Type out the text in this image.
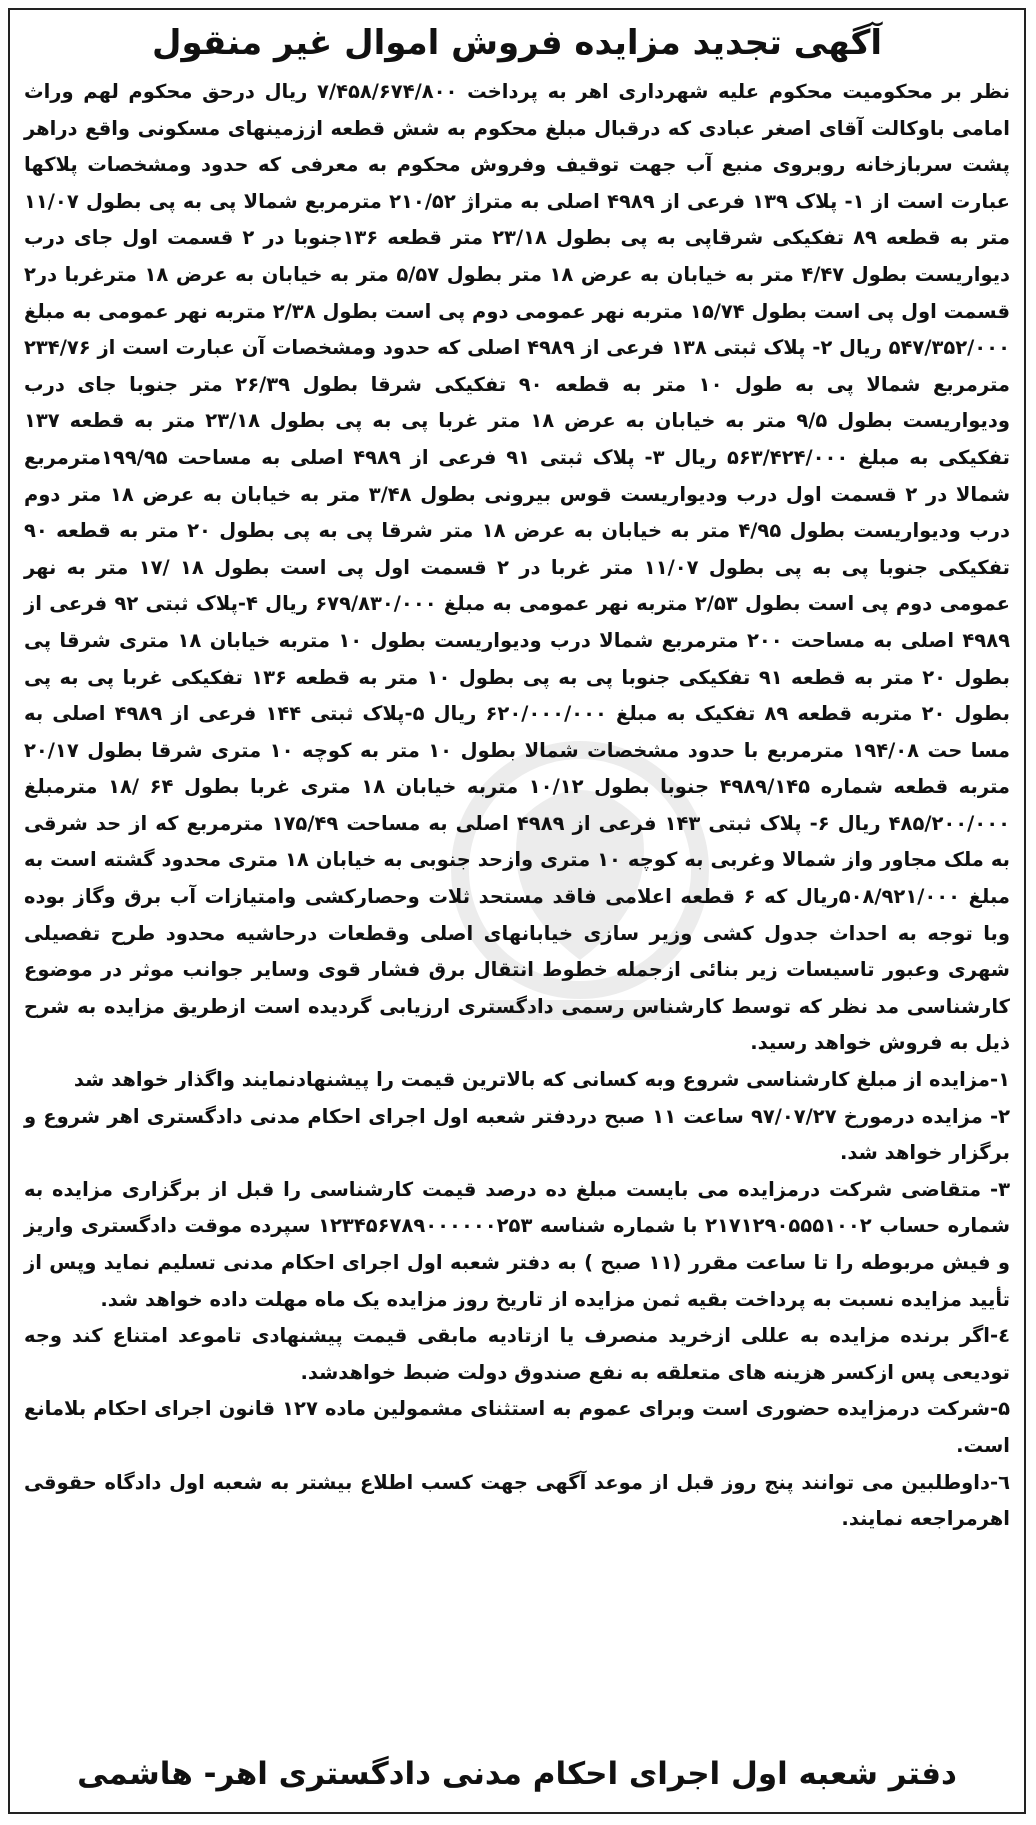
آگهی تجدید مزایده فروش اموال غیر منقول

نظر بر محکومیت محکوم علیه شهرداری اهر به پرداخت ۷/۴۵۸/۶۷۴/۸۰۰ ریال درحق محکوم لهم وراث امامی باوکالت آقای اصغر عبادی که درقبال مبلغ محکوم به شش قطعه اززمینهای مسکونی واقع دراهر پشت سربازخانه روبروی منبع آب جهت توقیف وفروش محکوم به معرفی که حدود ومشخصات پلاکها عبارت است از ۱- پلاک ۱۳۹ فرعی از ۴۹۸۹ اصلی به متراژ ۲۱۰/۵۲ مترمربع شمالا پی به پی بطول ۱۱/۰۷ متر به قطعه ۸۹ تفکیکی شرقاپی به پی بطول ۲۳/۱۸ متر قطعه ۱۳۶جنوبا در ۲ قسمت اول جای درب دیواریست بطول ۴/۴۷ متر به خیابان به عرض ۱۸ متر بطول ۵/۵۷ متر به خیابان به عرض ۱۸ مترغربا در۲ قسمت اول پی است بطول ۱۵/۷۴ متربه نهر عمومی دوم پی است بطول ۲/۳۸ متربه نهر عمومی به مبلغ ۵۴۷/۳۵۲/۰۰۰ ریال ۲- پلاک ثبتی ۱۳۸ فرعی از ۴۹۸۹ اصلی که حدود ومشخصات آن عبارت است از ۲۳۴/۷۶ مترمربع شمالا پی به طول ۱۰ متر به قطعه ۹۰ تفکیکی شرقا بطول ۲۶/۳۹ متر جنوبا جای درب ودیواریست بطول ۹/۵ متر به خیابان به عرض ۱۸ متر غربا پی به پی بطول ۲۳/۱۸ متر به قطعه ۱۳۷ تفکیکی به مبلغ ۵۶۳/۴۲۴/۰۰۰ ریال ۳- پلاک ثبتی ۹۱ فرعی از ۴۹۸۹ اصلی به مساحت ۱۹۹/۹۵مترمربع شمالا در ۲ قسمت اول درب ودیواریست قوس بیرونی بطول ۳/۴۸ متر به خیابان به عرض ۱۸ متر دوم درب ودیواریست بطول ۴/۹۵ متر به خیابان به عرض ۱۸ متر شرقا پی به پی بطول ۲۰ متر به قطعه ۹۰ تفکیکی جنوبا پی به پی بطول ۱۱/۰۷ متر غربا در ۲ قسمت اول پی است بطول ۱۸ /۱۷ متر به نهر عمومی دوم پی است بطول ۲/۵۳ متربه نهر عمومی به مبلغ ۶۷۹/۸۳۰/۰۰۰ ریال ۴-پلاک ثبتی ۹۲ فرعی از ۴۹۸۹ اصلی به مساحت ۲۰۰ مترمربع شمالا درب ودیواریست بطول ۱۰ متربه خیابان ۱۸ متری شرقا پی بطول ۲۰ متر به قطعه ۹۱ تفکیکی جنوبا پی به پی بطول ۱۰ متر به قطعه ۱۳۶ تفکیکی غربا پی به پی بطول ۲۰ متربه قطعه ۸۹ تفکیک به مبلغ ۶۲۰/۰۰۰/۰۰۰ ریال ۵-پلاک ثبتی ۱۴۴ فرعی از ۴۹۸۹ اصلی به مسا حت ۱۹۴/۰۸ مترمربع با حدود مشخصات شمالا بطول ۱۰ متر به کوچه ۱۰ متری شرقا بطول ۲۰/۱۷ متربه قطعه شماره ۴۹۸۹/۱۴۵ جنوبا بطول ۱۰/۱۲ متربه خیابان ۱۸ متری غربا بطول ۶۴ /۱۸ مترمبلغ ۴۸۵/۲۰۰/۰۰۰ ریال ۶- پلاک ثبتی ۱۴۳ فرعی از ۴۹۸۹ اصلی به مساحت ۱۷۵/۴۹ مترمربع که از حد شرقی به ملک مجاور واز شمالا وغربی به کوچه ۱۰ متری وازحد جنوبی به خیابان ۱۸ متری محدود گشته است به مبلغ ۵۰۸/۹۲۱/۰۰۰ریال که ۶ قطعه اعلامی فاقد مستحد ثلات وحصارکشی وامتیازات آب برق وگاز بوده وبا توجه به احداث جدول کشی وزیر سازی خیابانهای اصلی وقطعات درحاشیه محدود طرح تفصیلی شهری وعبور تاسیسات زیر بنائی ازجمله خطوط انتقال برق فشار قوی وسایر جوانب موثر در موضوع کارشناسی مد نظر که توسط کارشناس رسمی دادگستری ارزیابی گردیده است ازطریق مزایده به شرح ذیل به فروش خواهد رسید.

۱-مزایده از مبلغ کارشناسی شروع وبه کسانی که بالاترین قیمت را پیشنهادنمایند واگذار خواهد شد

۲- مزایده درمورخ ۹۷/۰۷/۲۷ ساعت ۱۱ صبح دردفتر شعبه اول اجرای احکام مدنی دادگستری اهر شروع و برگزار خواهد شد.

۳- متقاضی شرکت درمزایده می بایست مبلغ ده درصد قیمت کارشناسی را قبل از برگزاری مزایده به شماره حساب ۲۱۷۱۲۹۰۵۵۵۱۰۰۲ با شماره شناسه ۱۲۳۴۵۶۷۸۹۰۰۰۰۰۰۲۵۳ سپرده موقت دادگستری واریز و فیش مربوطه را تا ساعت مقرر (۱۱ صبح ) به دفتر شعبه اول اجرای احکام مدنی تسلیم نماید وپس از تأیید مزایده نسبت به پرداخت بقیه ثمن مزایده از تاریخ روز مزایده یک ماه مهلت داده خواهد شد.

٤-اگر برنده مزایده به عللی ازخرید منصرف یا ازتادیه مابقی قیمت پیشنهادی تاموعد امتناع کند وجه تودیعی پس ازکسر هزینه های متعلقه به نفع صندوق دولت ضبط خواهدشد.

۵-شرکت درمزایده حضوری است وبرای عموم به استثنای مشمولین ماده ۱۲۷ قانون اجرای احکام بلامانع است.

٦-داوطلبین می توانند پنج روز قبل از موعد آگهی جهت کسب اطلاع بیشتر به شعبه اول دادگاه حقوقی اهرمراجعه نمایند.

دفتر شعبه اول اجرای احکام مدنی دادگستری اهر- هاشمی
